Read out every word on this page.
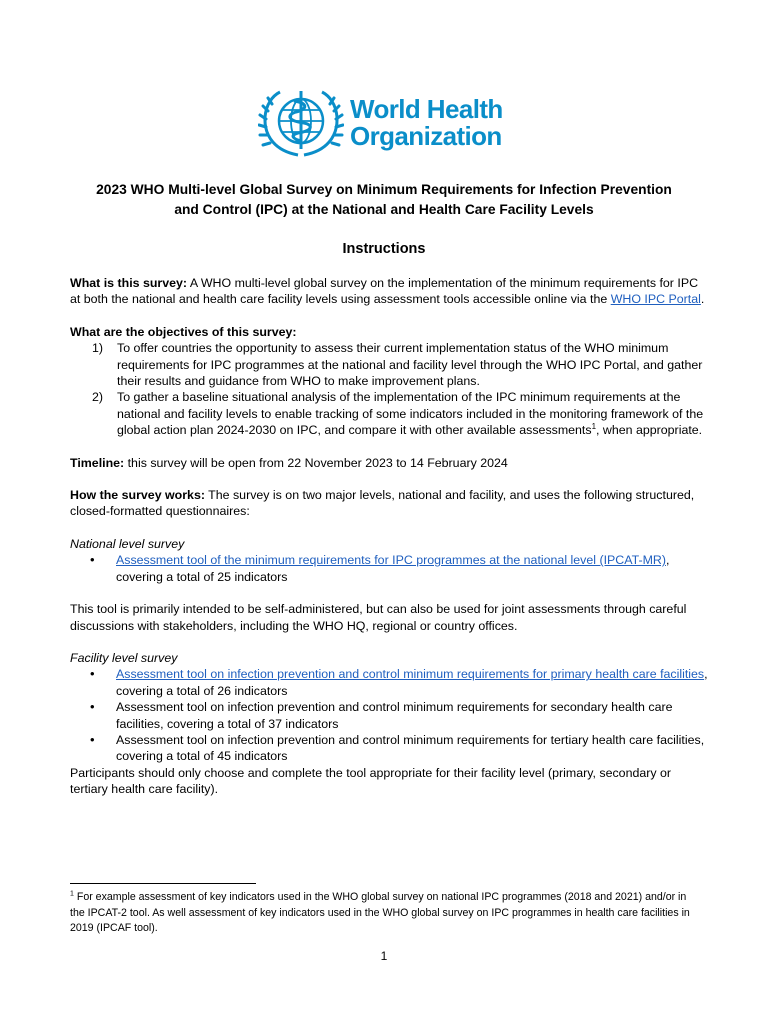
World Health
Organization
2023 WHO Multi-level Global Survey on Minimum Requirements for Infection Prevention
and Control (IPC) at the National and Health Care Facility Levels
Instructions

What is this survey: A WHO multi-level global survey on the implementation of the minimum requirements for IPC at both the national and health care facility levels using assessment tools accessible online via the WHO IPC Portal.

What are the objectives of this survey:

1) To offer countries the opportunity to assess their current implementation status of the WHO minimum requirements for IPC programmes at the national and facility level through the WHO IPC Portal, and gather their results and guidance from WHO to make improvement plans.
2) To gather a baseline situational analysis of the implementation of the IPC minimum requirements at the national and facility levels to enable tracking of some indicators included in the monitoring framework of the global action plan 2024-2030 on IPC, and compare it with other available assessments$^1$, when appropriate.

Timeline: this survey will be open from 22 November 2023 to 14 February 2024

How the survey works: The survey is on two major levels, national and facility, and uses the following structured, closed-formatted questionnaires:

National level survey

• Assessment tool of the minimum requirements for IPC programmes at the national level (IPCAT-MR), covering a total of 25 indicators

This tool is primarily intended to be self-administered, but can also be used for joint assessments through careful discussions with stakeholders, including the WHO HQ, regional or country offices.

Facility level survey

• Assessment tool on infection prevention and control minimum requirements for primary health care facilities, covering a total of 26 indicators
• Assessment tool on infection prevention and control minimum requirements for secondary health care facilities, covering a total of 37 indicators
• Assessment tool on infection prevention and control minimum requirements for tertiary health care facilities, covering a total of 45 indicators

Participants should only choose and complete the tool appropriate for their facility level (primary, secondary or tertiary health care facility).

$^1$ For example assessment of key indicators used in the WHO global survey on national IPC programmes (2018 and 2021) and/or in the IPCAT-2 tool. As well assessment of key indicators used in the WHO global survey on IPC programmes in health care facilities in 2019 (IPCAF tool).

1
